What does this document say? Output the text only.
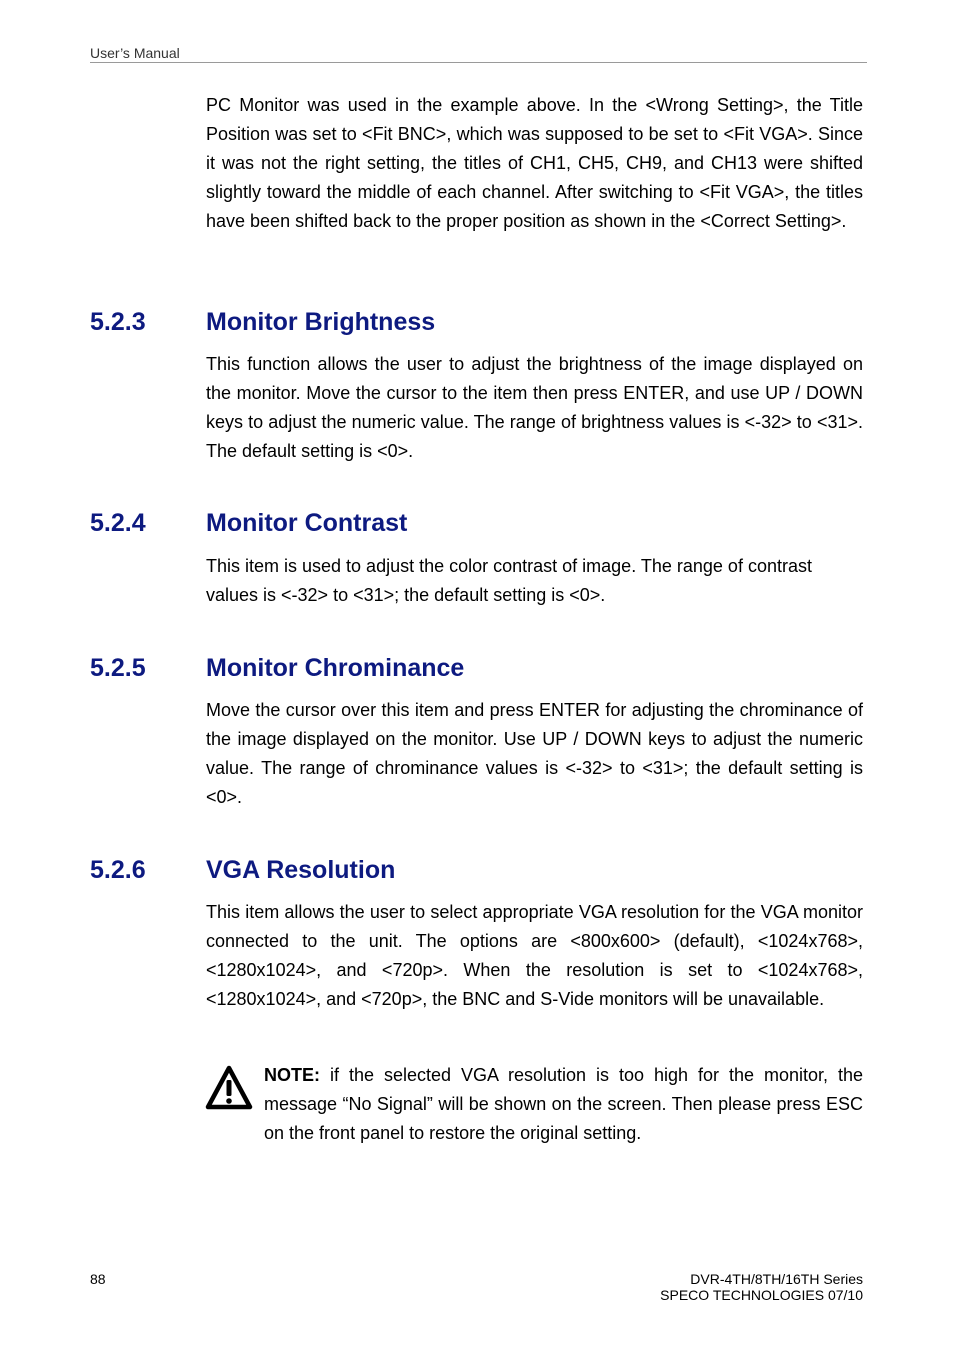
User’s Manual

PC Monitor was used in the example above. In the <Wrong Setting>, the Title Position was set to <Fit BNC>, which was supposed to be set to <Fit VGA>. Since it was not the right setting, the titles of CH1, CH5, CH9, and CH13 were shifted slightly toward the middle of each channel. After switching to <Fit VGA>, the titles have been shifted back to the proper position as shown in the <Correct Setting>.

5.2.3 Monitor Brightness

This function allows the user to adjust the brightness of the image displayed on the monitor. Move the cursor to the item then press ENTER, and use UP / DOWN keys to adjust the numeric value. The range of brightness values is <-32> to <31>. The default setting is <0>.

5.2.4 Monitor Contrast

This item is used to adjust the color contrast of image. The range of contrast values is <-32> to <31>; the default setting is <0>.

5.2.5 Monitor Chrominance

Move the cursor over this item and press ENTER for adjusting the chrominance of the image displayed on the monitor. Use UP / DOWN keys to adjust the numeric value. The range of chrominance values is <-32> to <31>; the default setting is <0>.

5.2.6 VGA Resolution

This item allows the user to select appropriate VGA resolution for the VGA monitor connected to the unit. The options are <800x600> (default), <1024x768>, <1280x1024>, and <720p>. When the resolution is set to <1024x768>, <1280x1024>, and <720p>, the BNC and S-Vide monitors will be unavailable.

NOTE: if the selected VGA resolution is too high for the monitor, the message “No Signal” will be shown on the screen. Then please press ESC on the front panel to restore the original setting.

88	DVR-4TH/8TH/16TH Series
SPECO TECHNOLOGIES 07/10
